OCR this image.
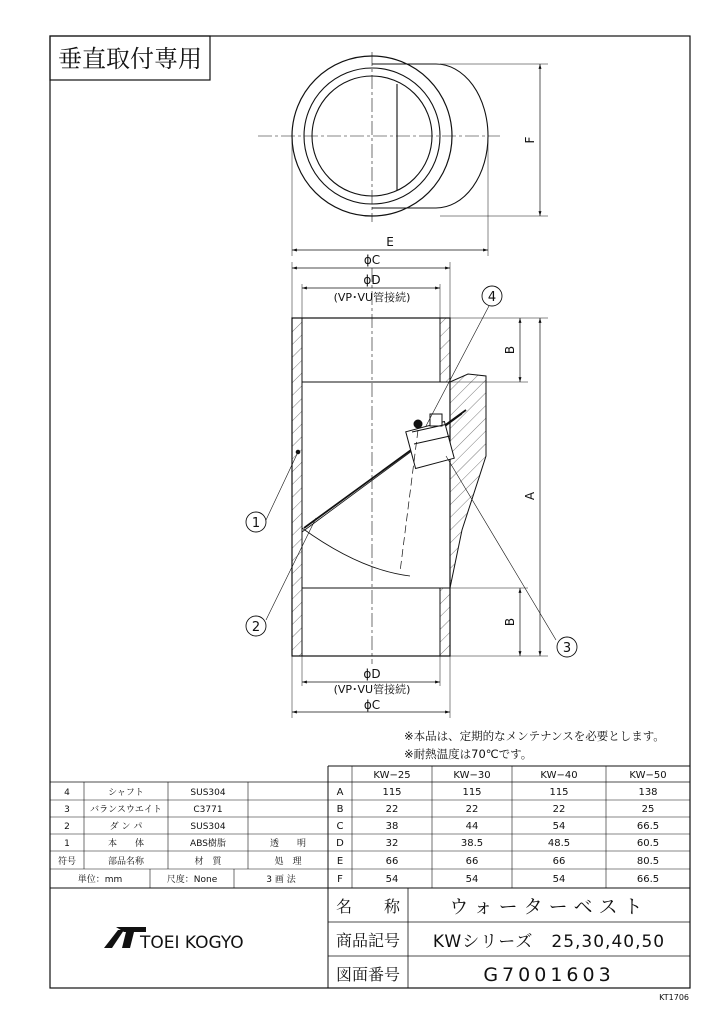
垂直取付専用
E
F
1
2
3
4
ϕC
ϕD
(VP･VU管接続)
ϕD
(VP･VU管接続)
ϕC
B
B
A
※本品は、定期的なメンテナンスを必要とします。
※耐熱温度は70℃です。
4	シャフト	SUS304
3 バランスウエイト	C3771
2	ダ ン パ	SUS304
1	本　　体	ABS樹脂	透　　明
符号	部品名称	材　質	処　理
単位：mm	尺度：None	3 画 法
KW−25	KW−30	KW−40	KW−50
A	115	115	115	138
B	22	22	22	25
C	38	44	54	66.5
D	32	38.5	48.5	60.5
E	66	66	66	80.5
F	54	54	54	66.5
TOEI KOGYO
名　　称	ウォーターベスト
商品記号 KWシリーズ　25,30,40,50
図面番号	G7001603
KT1706
